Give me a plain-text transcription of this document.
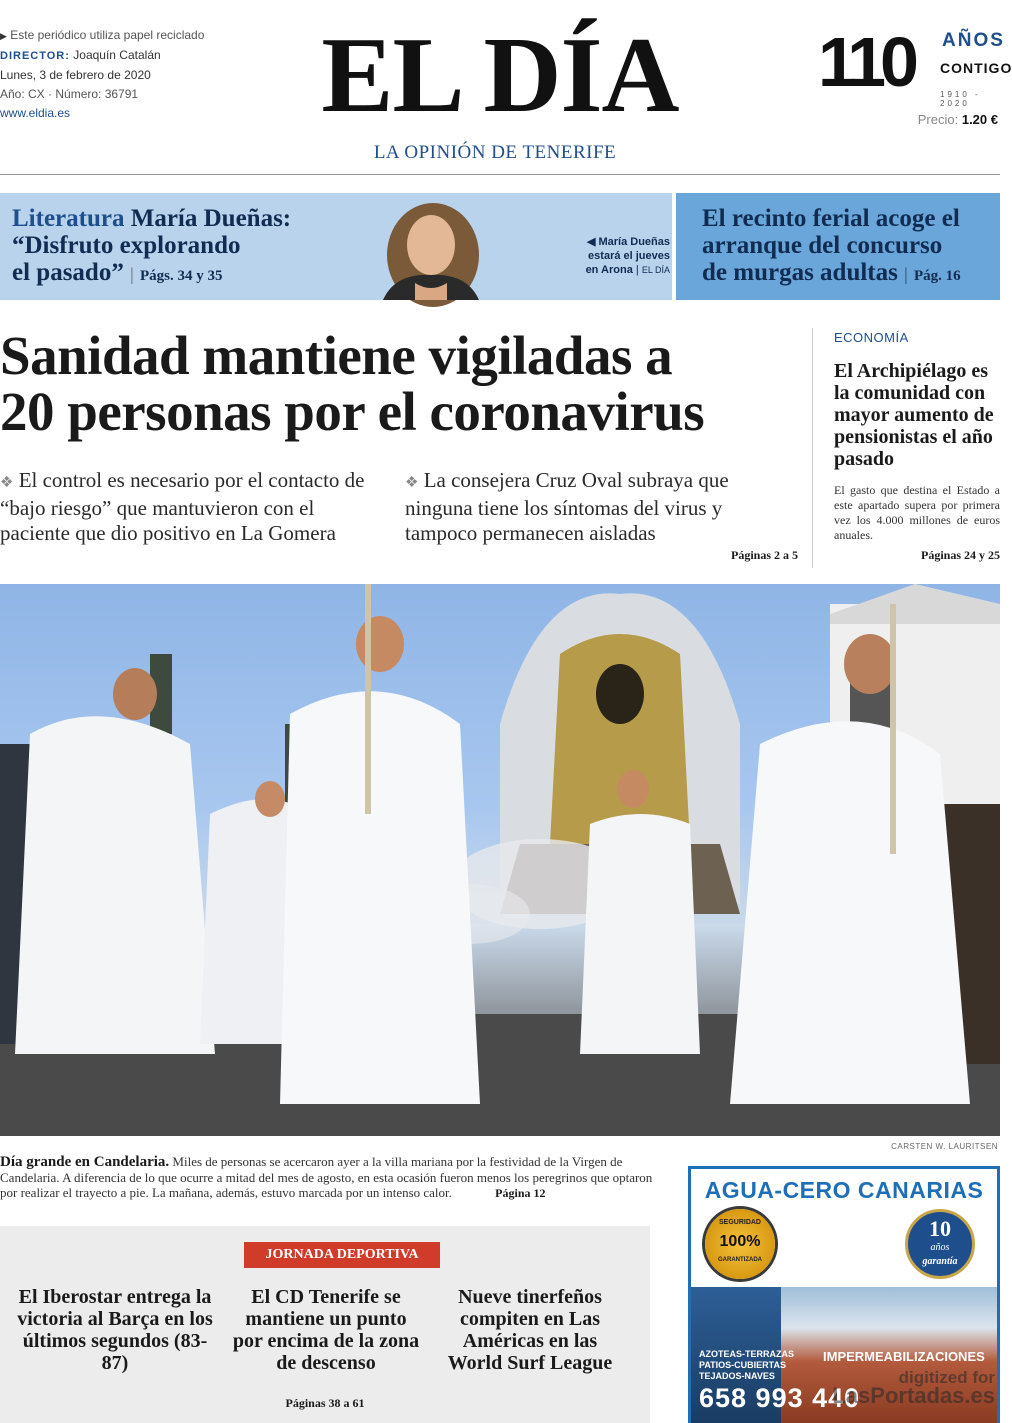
▶ Este periódico utiliza papel reciclado
DIRECTOR: Joaquín Catalán
Lunes, 3 de febrero de 2020
Año: CX · Número: 36791
www.eldia.es	EL DÍA
LA OPINIÓN DE TENERIFE
110 AÑOS
CONTIGO
1910 - 2020
Precio: 1.20 €
Literatura María Dueñas:
“Disfruto explorando
el pasado” | Págs. 34 y 35
◀ María Dueñas
estará el jueves
en Arona | EL DÍA
El recinto ferial acoge el
arranque del concurso
de murgas adultas | Pág. 16
Sanidad mantiene vigiladas a
20 personas por el coronavirus
❖ El control es necesario por el contacto de “bajo riesgo” que mantuvieron con el paciente que dio positivo en La Gomera
❖ La consejera Cruz Oval subraya que ninguna tiene los síntomas del virus y tampoco permanecen aisladas
Páginas 2 a 5
ECONOMÍA
El Archipiélago es la comunidad con mayor aumento de pensionistas el año pasado
El gasto que destina el Estado a este apartado supera por primera vez los 4.000 millones de euros anuales.
Páginas 24 y 25
CARSTEN W. LAURITSEN
Día grande en Candelaria. Miles de personas se acercaron ayer a la villa mariana por la festividad de la Virgen de Candelaria. A diferencia de lo que ocurre a mitad del mes de agosto, en esta ocasión fueron menos los peregrinos que optaron por realizar el trayecto a pie. La mañana, además, estuvo marcada por un intenso calor.	Página 12
JORNADA DEPORTIVA
El Iberostar entrega la victoria al Barça en los últimos segundos (83-87)
El CD Tenerife se mantiene un punto por encima de la zona de descenso
Nueve tinerfeños compiten en Las Américas en las World Surf League
Páginas 38 a 61
AGUA-CERO CANARIAS
SEGURIDAD
100%
GARANTIZADA
10
años
garantía
AZOTEAS-TERRAZAS PATIOS-CUBIERTAS TEJADOS-NAVES
IMPERMEABILIZACIONES
658 993 440
digitized for
LasPortadas.es
